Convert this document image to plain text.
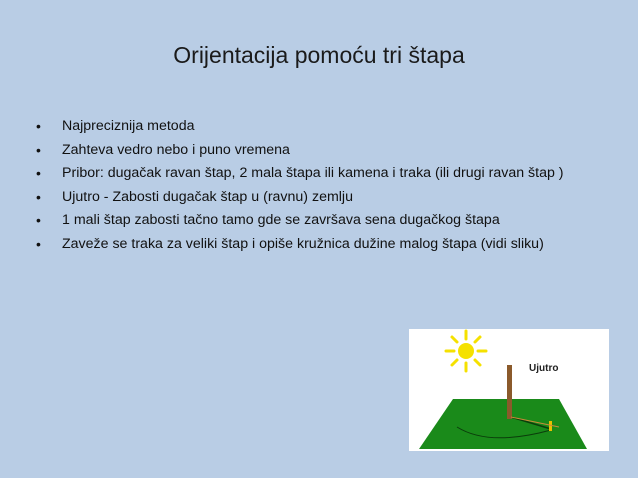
Orijentacija pomoću tri štapa
• Najpreciznija metoda
• Zahteva vedro nebo i puno vremena
• Pribor: dugačak ravan štap, 2 mala štapa ili kamena i traka (ili drugi ravan štap )
• Ujutro - Zabosti dugačak štap u (ravnu) zemlju
• 1 mali štap zabosti tačno tamo gde se završava sena dugačkog štapa
• Zaveže se traka za veliki štap i opiše kružnica dužine malog štapa (vidi sliku)
Ujutro
